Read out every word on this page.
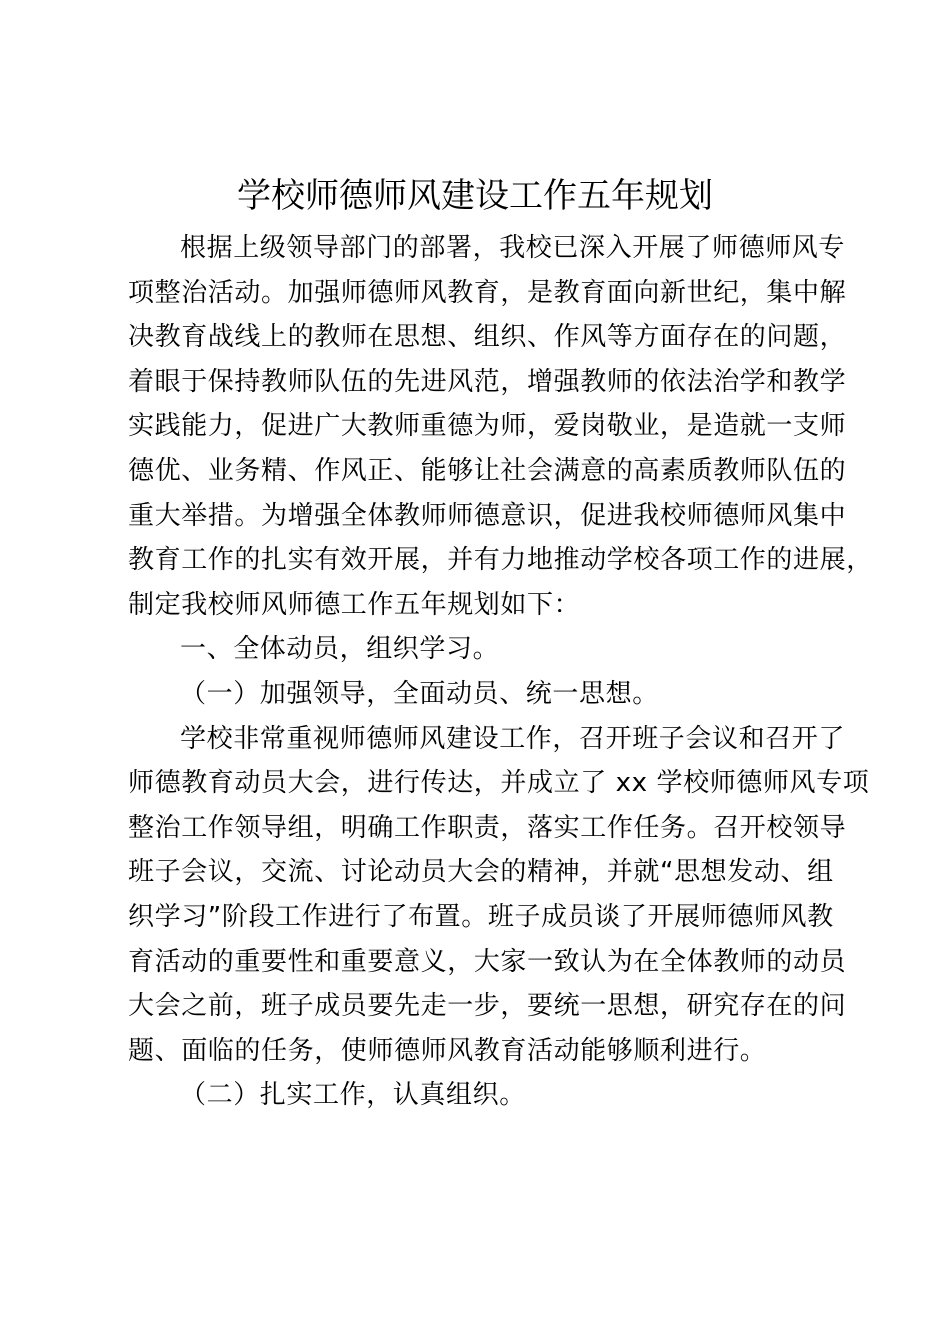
学校师德师风建设工作五年规划
根据上级领导部门的部署，我校已深入开展了师德师风专
项整治活动。加强师德师风教育，是教育面向新世纪，集中解
决教育战线上的教师在思想、组织、作风等方面存在的问题，
着眼于保持教师队伍的先进风范，增强教师的依法治学和教学
实践能力，促进广大教师重德为师，爱岗敬业，是造就一支师
德优、业务精、作风正、能够让社会满意的高素质教师队伍的
重大举措。为增强全体教师师德意识，促进我校师德师风集中
教育工作的扎实有效开展，并有力地推动学校各项工作的进展，
制定我校师风师德工作五年规划如下：
一、全体动员，组织学习。
（一）加强领导，全面动员、统一思想。
学校非常重视师德师风建设工作，召开班子会议和召开了
师德教育动员大会，进行传达，并成立了 xx 学校师德师风专项
整治工作领导组，明确工作职责，落实工作任务。召开校领导
班子会议，交流、讨论动员大会的精神，并就“思想发动、组
织学习”阶段工作进行了布置。班子成员谈了开展师德师风教
育活动的重要性和重要意义，大家一致认为在全体教师的动员
大会之前，班子成员要先走一步，要统一思想，研究存在的问
题、面临的任务，使师德师风教育活动能够顺利进行。
（二）扎实工作，认真组织。
